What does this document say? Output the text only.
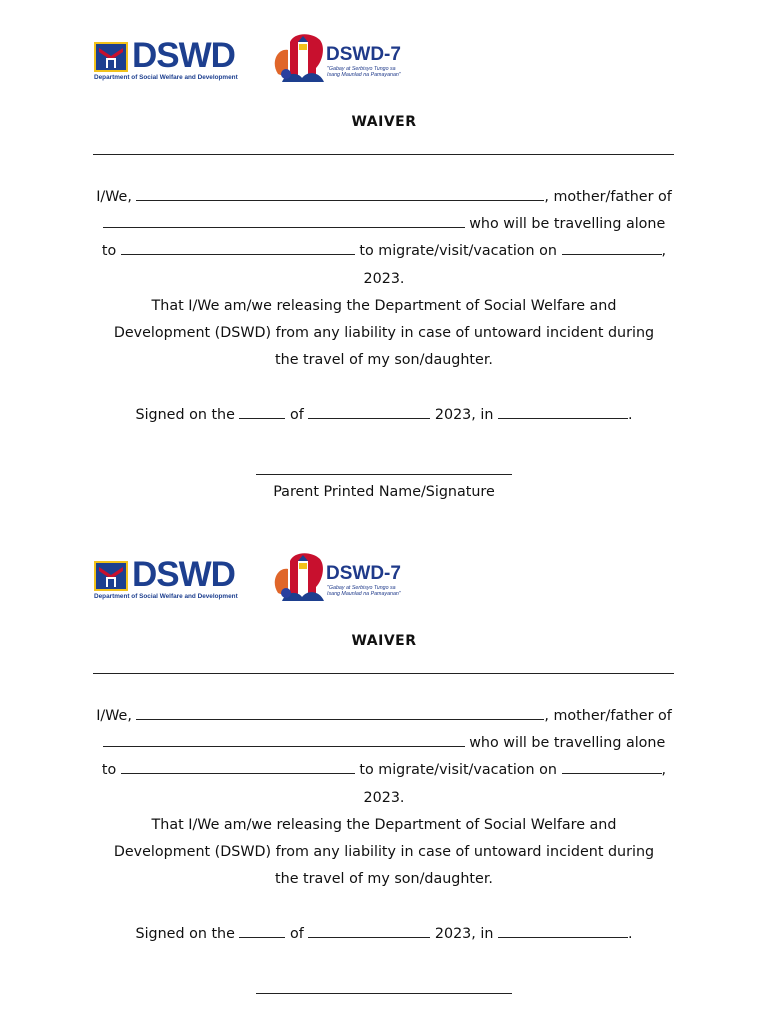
DSWD
Department of Social Welfare and Development
DSWD-7
"Gabay at Serbisyo Tungo sa
Isang Maunlad na Pamayanan"
WAIVER
I/We,	, mother/father of
who will be travelling alone
to	to migrate/visit/vacation on	,
2023.
That I/We am/we releasing the Department of Social Welfare and
Development (DSWD) from any liability in case of untoward incident during
the travel of my son/daughter.

Signed on the	of	2023, in	.
Parent Printed Name/Signature
DSWD
Department of Social Welfare and Development
DSWD-7
"Gabay at Serbisyo Tungo sa
Isang Maunlad na Pamayanan"
WAIVER
I/We,	, mother/father of
who will be travelling alone
to	to migrate/visit/vacation on	,
2023.
That I/We am/we releasing the Department of Social Welfare and
Development (DSWD) from any liability in case of untoward incident during
the travel of my son/daughter.

Signed on the	of	2023, in	.
